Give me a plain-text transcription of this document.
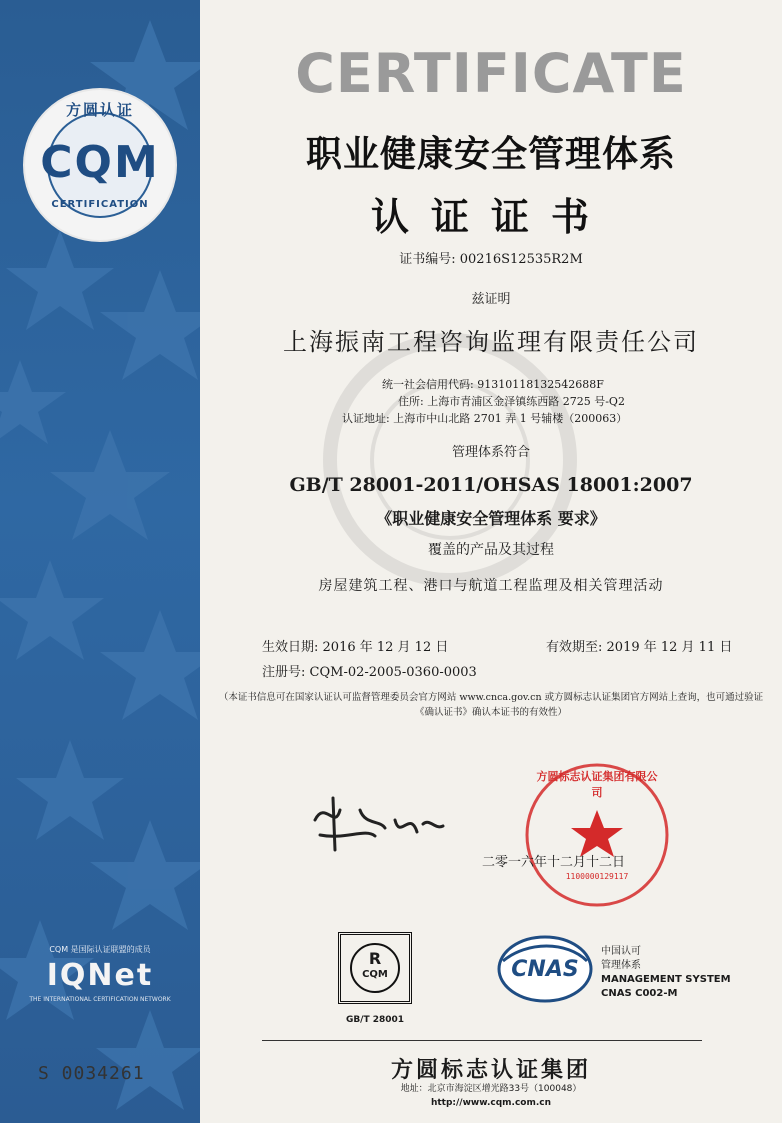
方圆认证
CQM
CERTIFICATION
CQM 是国际认证联盟的成员
IQNet
THE INTERNATIONAL CERTIFICATION NETWORK
S 0034261
CERTIFICATE
职业健康安全管理体系
认证证书
证书编号: 00216S12535R2M
兹证明
上海振南工程咨询监理有限责任公司
统一社会信用代码: 91310118132542688F
住所: 上海市青浦区金泽镇练西路 2725 号-Q2
认证地址: 上海市中山北路 2701 弄 1 号辅楼（200063）
管理体系符合
GB/T 28001-2011/OHSAS 18001:2007
《职业健康安全管理体系 要求》
覆盖的产品及其过程
房屋建筑工程、港口与航道工程监理及相关管理活动
生效日期: 2016 年 12 月 12 日	有效期至: 2019 年 12 月 11 日
注册号: CQM-02-2005-0360-0003
（本证书信息可在国家认证认可监督管理委员会官方网站 www.cnca.gov.cn 或方圆标志认证集团官方网站上查询，也可通过验证
《确认证书》确认本证书的有效性）
方圆标志认证集团有限公司
1100000129117
二零一六年十二月十二日
R
CQM
GB/T 28001
CNAS
中国认可
管理体系
MANAGEMENT SYSTEM
CNAS C002-M
方圆标志认证集团
地址：北京市海淀区增光路33号（100048）
http://www.cqm.com.cn
